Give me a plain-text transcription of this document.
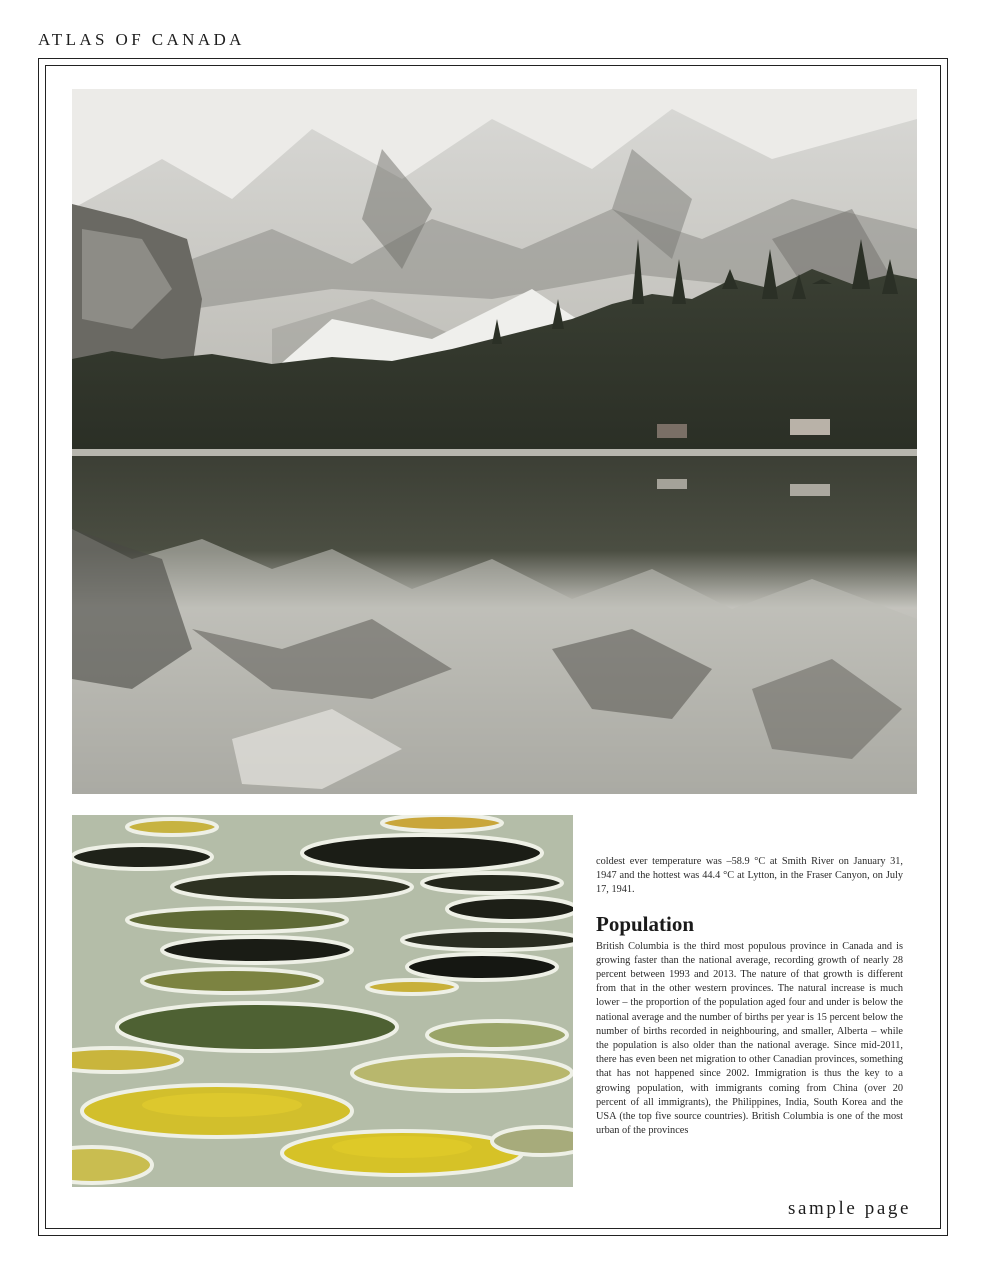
ATLAS OF CANADA

coldest ever temperature was –58.9 °C at Smith River on January 31, 1947 and the hottest was 44.4 °C at Lytton, in the Fraser Canyon, on July 17, 1941.

Population

British Columbia is the third most populous province in Canada and is growing faster than the national average, recording growth of nearly 28 percent between 1993 and 2013. The nature of that growth is different from that in the other western provinces. The natural increase is much lower – the proportion of the population aged four and under is below the national average and the number of births per year is 15 percent below the number of births recorded in neighbouring, and smaller, Alberta – while the population is also older than the national average. Since mid-2011, there has even been net migration to other Canadian provinces, something that has not happened since 2002. Immigration is thus the key to a growing population, with immigrants coming from China (over 20 percent of all immigrants), the Philippines, India, South Korea and the USA (the top five source countries). British Columbia is one of the most urban of the provinces

sample page
